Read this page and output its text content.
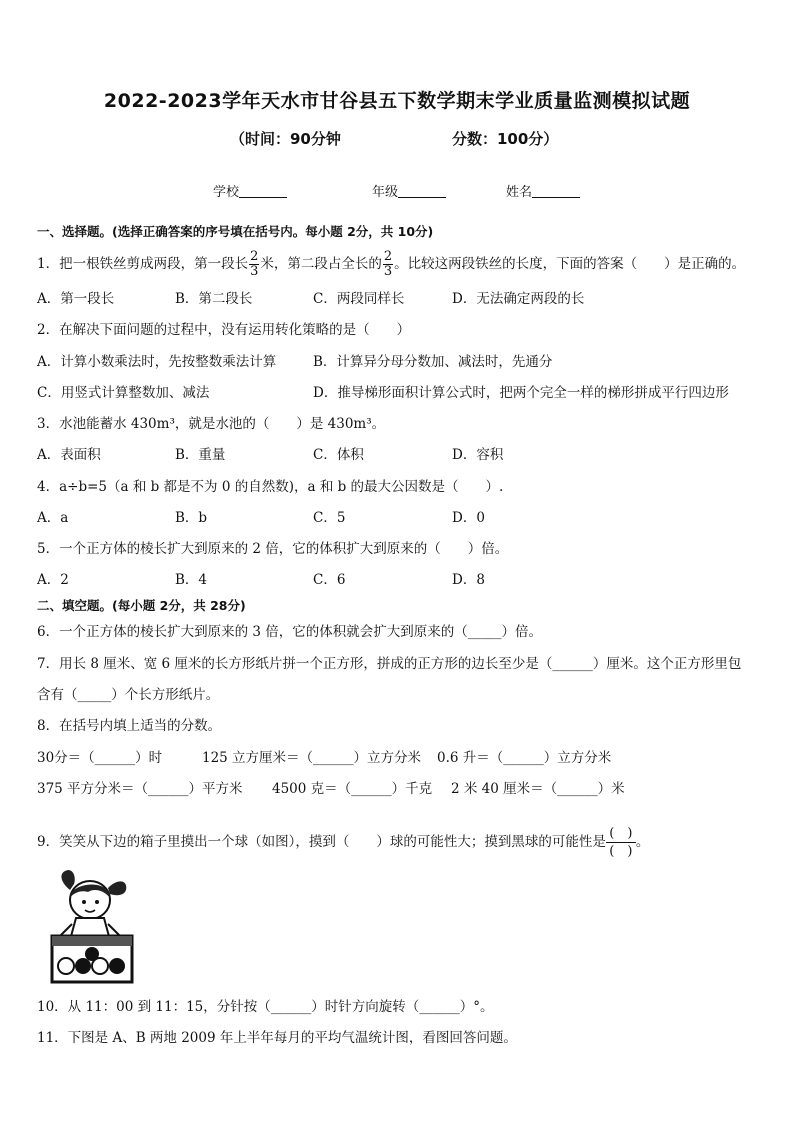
2022-2023学年天水市甘谷县五下数学期末学业质量监测模拟试题
（时间：90分钟	分数：100分）
学校	年级	姓名
一、选择题。(选择正确答案的序号填在括号内。每小题 2分，共 10分)
1．把一根铁丝剪成两段，第一段长 $\frac{2}{3}$ 米，第二段占全长的 $\frac{2}{3}$ 。比较这两段铁丝的长度，下面的答案（　　）是正确的。
A．第一段长	B．第二段长	C．两段同样长	D．无法确定两段的长
2．在解决下面问题的过程中，没有运用转化策略的是（　　）
A．计算小数乘法时，先按整数乘法计算	B．计算异分母分数加、减法时，先通分
C．用竖式计算整数加、减法	D．推导梯形面积计算公式时，把两个完全一样的梯形拼成平行四边形
3．水池能蓄水 430m³，就是水池的（　　）是 430m³。
A．表面积	B．重量	C．体积	D．容积
4．a÷b=5（a 和 b 都是不为 0 的自然数)，a 和 b 的最大公因数是（　　）.
A．a	B．b	C．5	D．0
5．一个正方体的棱长扩大到原来的 2 倍，它的体积扩大到原来的（　　）倍。
A．2	B．4	C．6	D．8
二、填空题。(每小题 2分，共 28分)
6．一个正方体的棱长扩大到原来的 3 倍，它的体积就会扩大到原来的（_____）倍。
7．用长 8 厘米、宽 6 厘米的长方形纸片拼一个正方形，拼成的正方形的边长至少是（______）厘米。这个正方形里包
含有（_____）个长方形纸片。
8．在括号内填上适当的分数。
30分＝（______）时	125 立方厘米＝（______）立方分米 0.6 升＝（______）立方分米
375 平方分米＝（______）平方米 4500 克＝（______）千克 2 米 40 厘米＝（______）米
9．笑笑从下边的箱子里摸出一个球（如图），摸到（　　）球的可能性大；摸到黑球的可能性是
(　)
(　)
。
10．从 11：00 到 11：15，分针按（______）时针方向旋转（______）°。
11．下图是 A、B 两地 2009 年上半年每月的平均气温统计图，看图回答问题。
